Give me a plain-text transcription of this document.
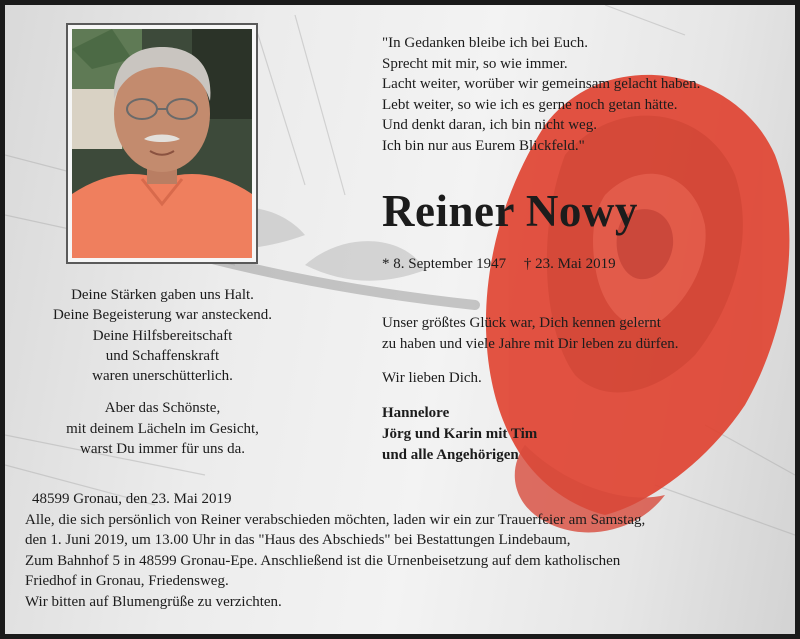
"In Gedanken bleibe ich bei Euch.
Sprecht mit mir, so wie immer.
Lacht weiter, worüber wir gemeinsam gelacht haben.
Lebt weiter, so wie ich es gerne noch getan hätte.
Und denkt daran, ich bin nicht weg.
Ich bin nur aus Eurem Blickfeld."
Reiner Nowy
* 8. September 1947 † 23. Mai 2019
Deine Stärken gaben uns Halt.
Deine Begeisterung war ansteckend.
Deine Hilfsbereitschaft
und Schaffenskraft
waren unerschütterlich.
Aber das Schönste,
mit deinem Lächeln im Gesicht,
warst Du immer für uns da.
Unser größtes Glück war, Dich kennen gelernt
zu haben und viele Jahre mit Dir leben zu dürfen.
Wir lieben Dich.
Hannelore
Jörg und Karin mit Tim
und alle Angehörigen
48599 Gronau, den 23. Mai 2019
Alle, die sich persönlich von Reiner verabschieden möchten, laden wir ein zur Trauerfeier am Samstag,
den 1. Juni 2019, um 13.00 Uhr in das "Haus des Abschieds" bei Bestattungen Lindebaum,
Zum Bahnhof 5 in 48599 Gronau-Epe. Anschließend ist die Urnenbeisetzung auf dem katholischen
Friedhof in Gronau, Friedensweg.
Wir bitten auf Blumengrüße zu verzichten.
